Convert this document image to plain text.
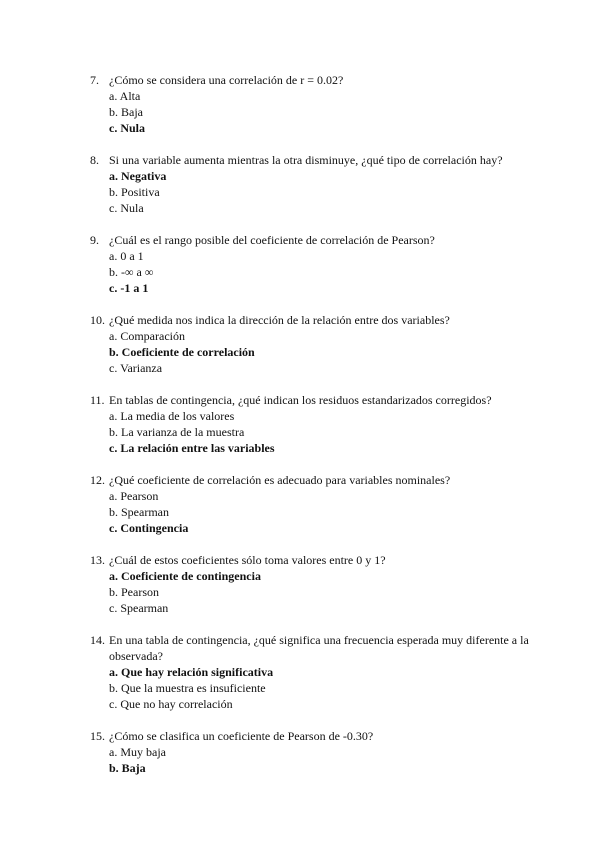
7. ¿Cómo se considera una correlación de r = 0.02?
a. Alta
b. Baja
c. Nula
8. Si una variable aumenta mientras la otra disminuye, ¿qué tipo de correlación hay?
a. Negativa
b. Positiva
c. Nula
9. ¿Cuál es el rango posible del coeficiente de correlación de Pearson?
a. 0 a 1
b. -∞ a ∞
c. -1 a 1
10. ¿Qué medida nos indica la dirección de la relación entre dos variables?
a. Comparación
b. Coeficiente de correlación
c. Varianza
11. En tablas de contingencia, ¿qué indican los residuos estandarizados corregidos?
a. La media de los valores
b. La varianza de la muestra
c. La relación entre las variables
12. ¿Qué coeficiente de correlación es adecuado para variables nominales?
a. Pearson
b. Spearman
c. Contingencia
13. ¿Cuál de estos coeficientes sólo toma valores entre 0 y 1?
a. Coeficiente de contingencia
b. Pearson
c. Spearman
14. En una tabla de contingencia, ¿qué significa una frecuencia esperada muy diferente a la observada?
a. Que hay relación significativa
b. Que la muestra es insuficiente
c. Que no hay correlación
15. ¿Cómo se clasifica un coeficiente de Pearson de -0.30?
a. Muy baja
b. Baja
